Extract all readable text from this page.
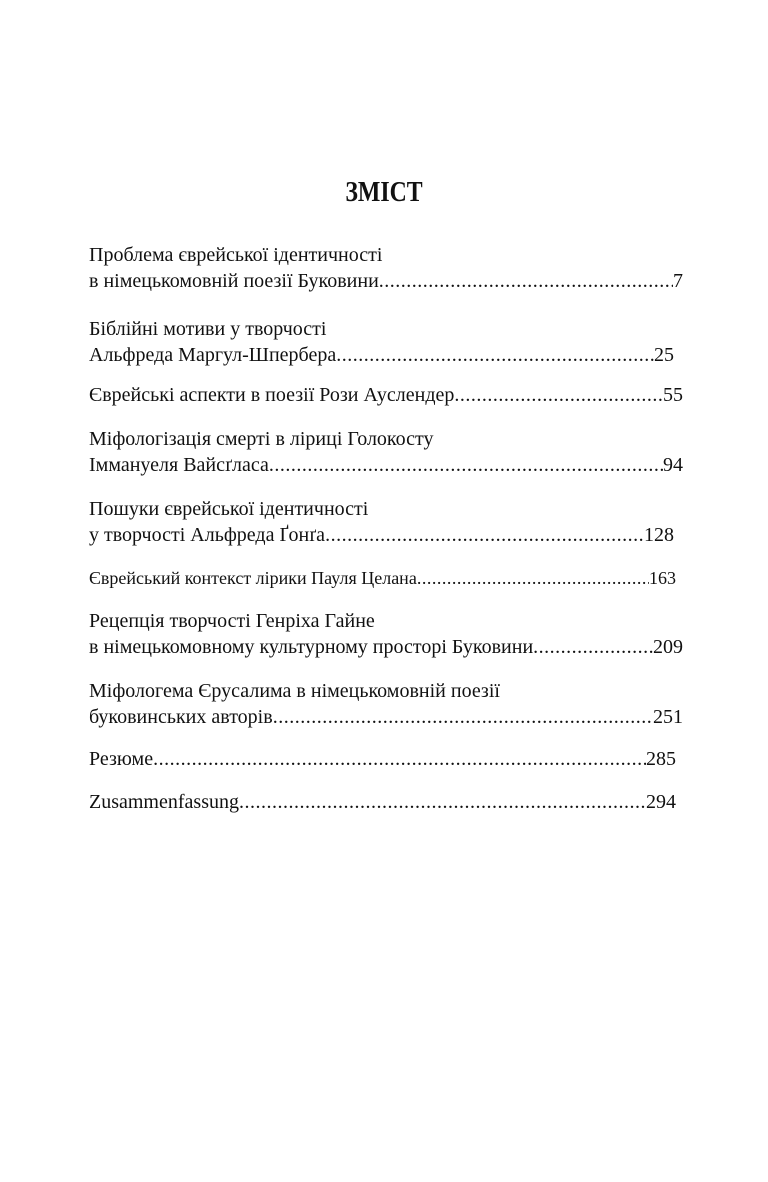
ЗМІСТ
Проблема єврейської ідентичності
в німецькомовній поезії Буковини .....	7
Біблійні мотиви у творчості
Альфреда Маргул-Шпербера .....	25
Єврейські аспекти в поезії Рози Ауслендер .....	55
Міфологізація смерті в ліриці Голокосту
Іммануеля Вайсґласа .....	94
Пошуки єврейської ідентичності
у творчості Альфреда Ґонґа .....	128
Єврейський контекст лірики Пауля Целана .....	163
Рецепція творчості Генріха Гайне
в німецькомовному культурному просторі Буковини .....	209
Міфологема Єрусалима в німецькомовній поезії
буковинських авторів .....	251
Резюме .....	285
Zusammenfassung .....	294
